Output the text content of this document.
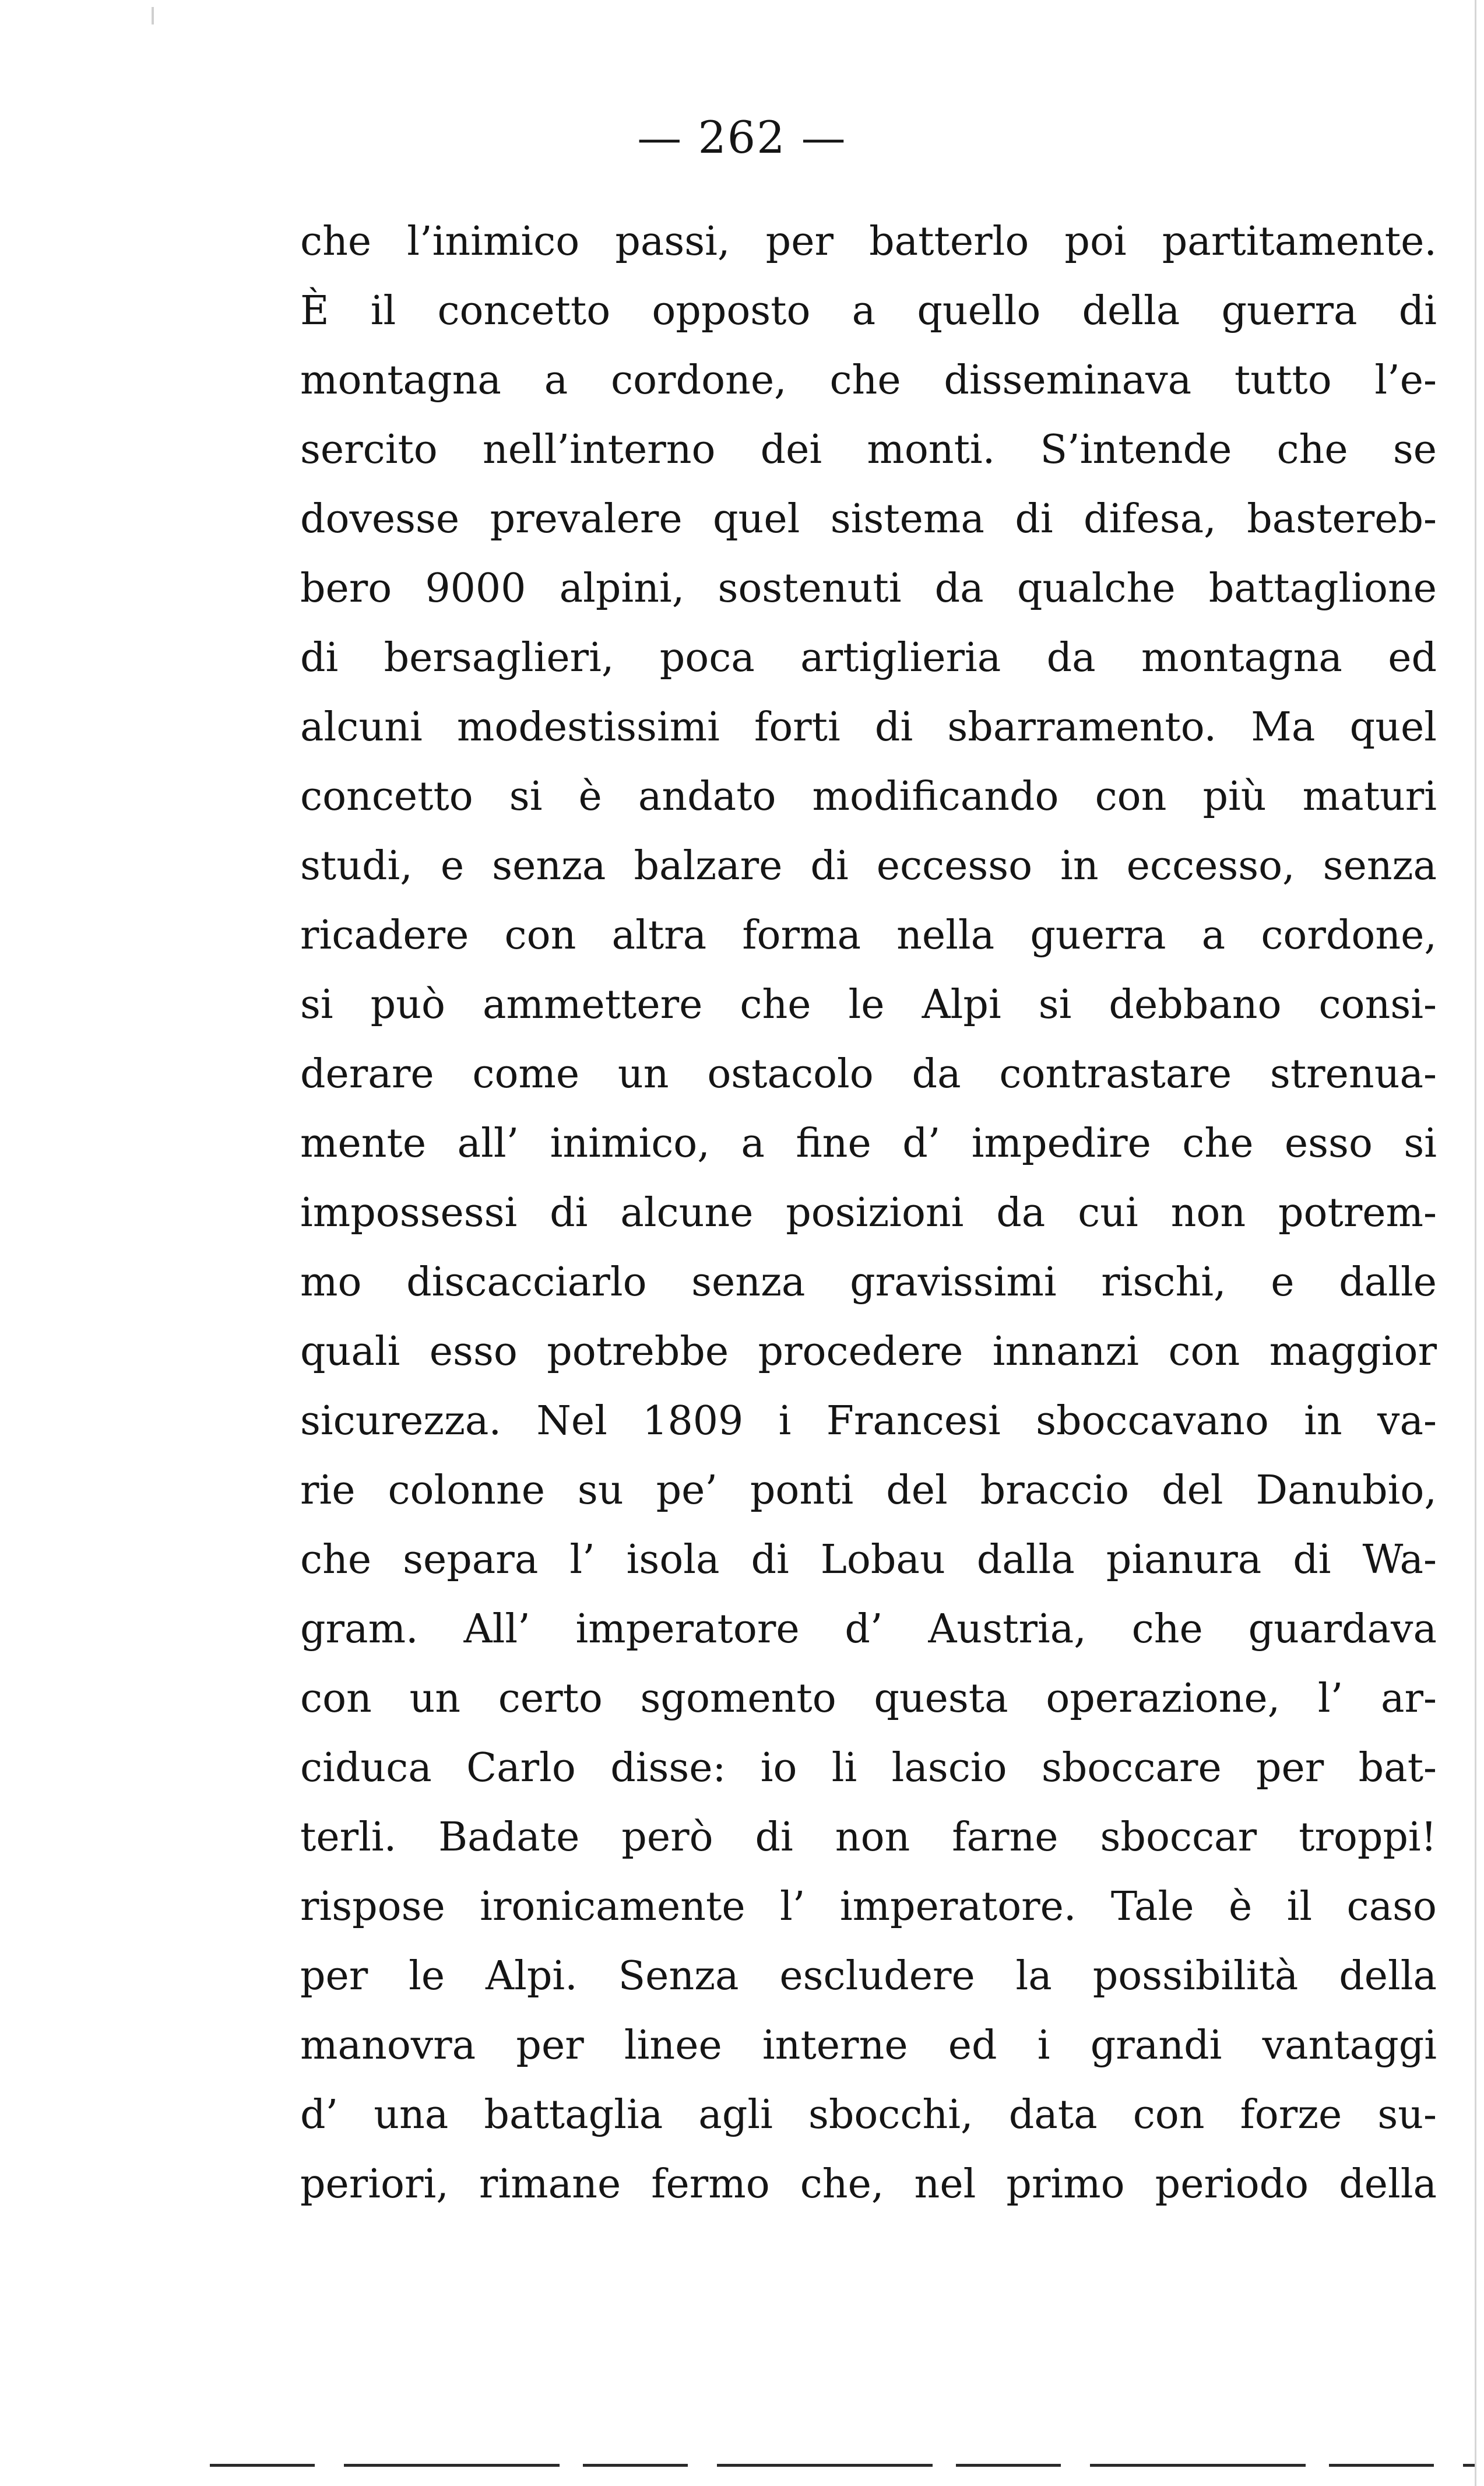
— 262 —
che l’inimico passi, per batterlo poi partitamente.
È il concetto opposto a quello della guerra di
montagna a cordone, che disseminava tutto l’e-
sercito nell’interno dei monti. S’intende che se
dovesse prevalere quel sistema di difesa, bastereb-
bero 9000 alpini, sostenuti da qualche battaglione
di bersaglieri, poca artiglieria da montagna ed
alcuni modestissimi forti di sbarramento. Ma quel
concetto si è andato modificando con più maturi
studi, e senza balzare di eccesso in eccesso, senza
ricadere con altra forma nella guerra a cordone,
si può ammettere che le Alpi si debbano consi-
derare come un ostacolo da contrastare strenua-
mente all’ inimico, a fine d’ impedire che esso si
impossessi di alcune posizioni da cui non potrem-
mo discacciarlo senza gravissimi rischi, e dalle
quali esso potrebbe procedere innanzi con maggior
sicurezza. Nel 1809 i Francesi sboccavano in va-
rie colonne su pe’ ponti del braccio del Danubio,
che separa l’ isola di Lobau dalla pianura di Wa-
gram. All’ imperatore d’ Austria, che guardava
con un certo sgomento questa operazione, l’ ar-
ciduca Carlo disse: io li lascio sboccare per bat-
terli. Badate però di non farne sboccar troppi!
rispose ironicamente l’ imperatore. Tale è il caso
per le Alpi. Senza escludere la possibilità della
manovra per linee interne ed i grandi vantaggi
d’ una battaglia agli sbocchi, data con forze su-
periori, rimane fermo che, nel primo periodo della
